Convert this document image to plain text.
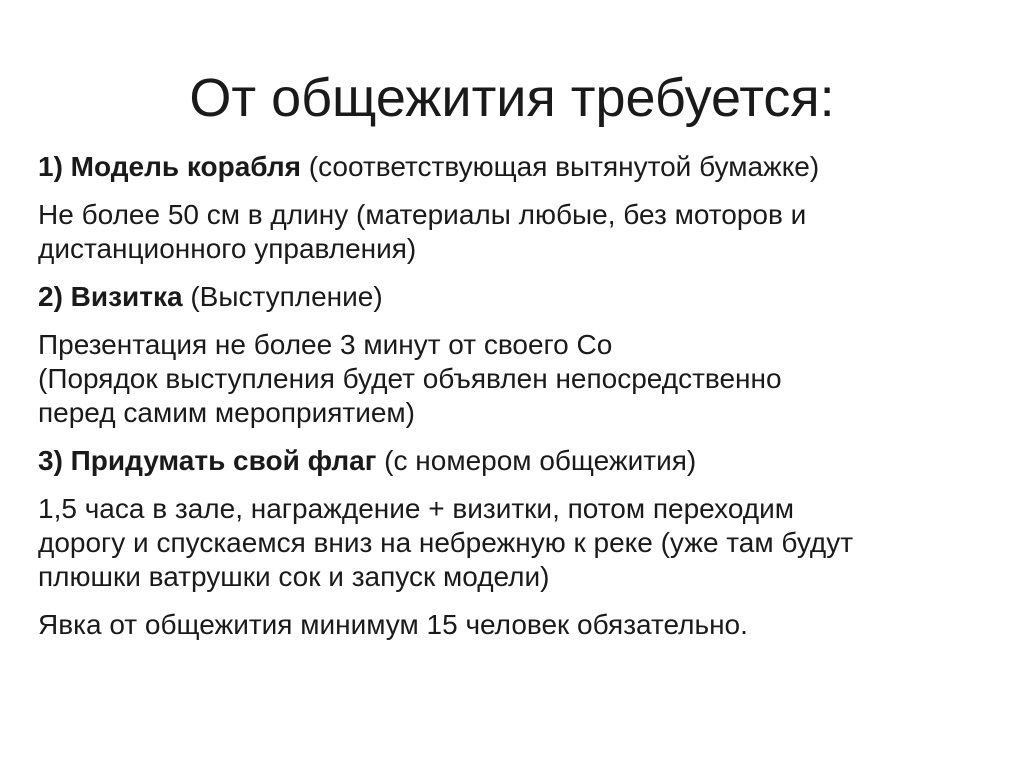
От общежития требуется:

1) Модель корабля (соответствующая вытянутой бумажке)

Не более 50 см в длину (материалы любые, без моторов и
дистанционного управления)

2) Визитка (Выступление)

Презентация не более 3 минут от своего Со
(Порядок выступления будет объявлен непосредственно
перед самим мероприятием)

3) Придумать свой флаг (с номером общежития)

1,5 часа в зале, награждение + визитки, потом переходим
дорогу и спускаемся вниз на небрежную к реке (уже там будут
плюшки ватрушки сок и запуск модели)

Явка от общежития минимум 15 человек обязательно.
